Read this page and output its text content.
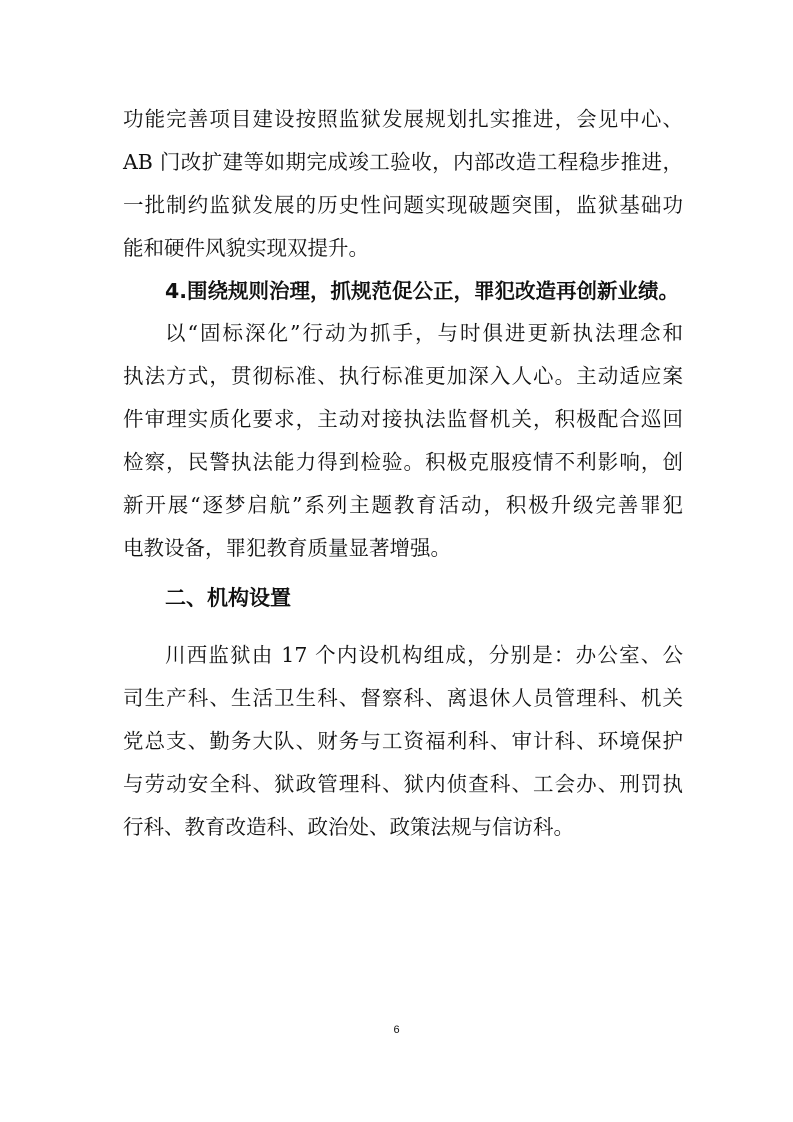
功能完善项目建设按照监狱发展规划扎实推进，会见中心、
AB 门改扩建等如期完成竣工验收，内部改造工程稳步推进，
一批制约监狱发展的历史性问题实现破题突围，监狱基础功
能和硬件风貌实现双提升。
4.围绕规则治理，抓规范促公正，罪犯改造再创新业绩。
以“固标深化”行动为抓手，与时俱进更新执法理念和
执法方式，贯彻标准、执行标准更加深入人心。主动适应案
件审理实质化要求，主动对接执法监督机关，积极配合巡回
检察，民警执法能力得到检验。积极克服疫情不利影响，创
新开展“逐梦启航”系列主题教育活动，积极升级完善罪犯
电教设备，罪犯教育质量显著增强。
二、机构设置
川西监狱由 17 个内设机构组成，分别是：办公室、公
司生产科、生活卫生科、督察科、离退休人员管理科、机关
党总支、勤务大队、财务与工资福利科、审计科、环境保护
与劳动安全科、狱政管理科、狱内侦查科、工会办、刑罚执
行科、教育改造科、政治处、政策法规与信访科。
6
